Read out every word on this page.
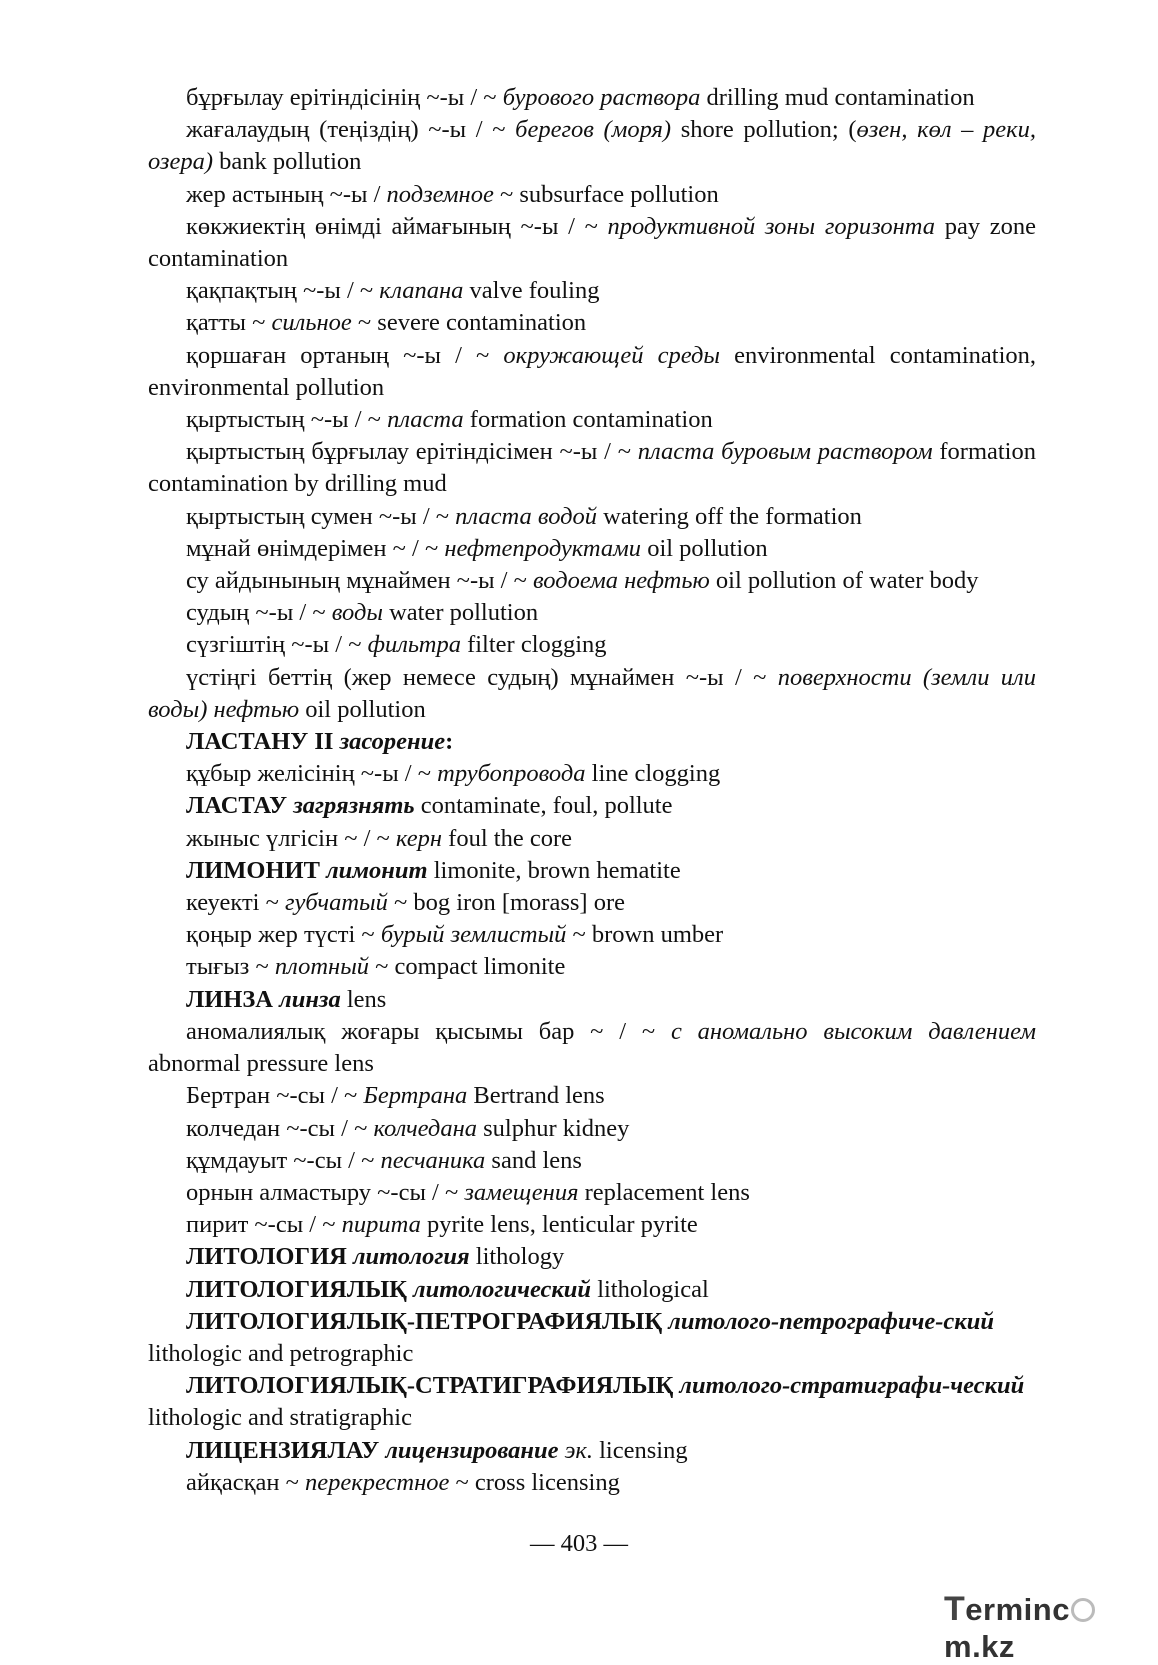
бұрғылау ерітіндісінің ~-ы / ~ бурового раствора drilling mud contamination

жағалаудың (теңіздің) ~-ы / ~ берегов (моря) shore pollution; (өзен, көл – реки, озера) bank pollution

жер астының ~-ы / подземное ~ subsurface pollution

көкжиектің өнімді аймағының ~-ы / ~ продуктивной зоны горизонта pay zone contamination

қақпақтың ~-ы / ~ клапана valve fouling

қатты ~ сильное ~ severe contamination

қоршаған ортаның ~-ы / ~ окружающей среды environmental contamination, environmental pollution

қыртыстың ~-ы / ~ пласта formation contamination

қыртыстың бұрғылау ерітіндісімен ~-ы / ~ пласта буровым раствором formation contamination by drilling mud

қыртыстың сумен ~-ы / ~ пласта водой watering off the formation

мұнай өнімдерімен ~ / ~ нефтепродуктами oil pollution

су айдынының мұнаймен ~-ы / ~ водоема нефтью oil pollution of water body

судың ~-ы / ~ воды water pollution

сүзгіштің ~-ы / ~ фильтра filter clogging

үстіңгі беттің (жер немесе судың) мұнаймен ~-ы / ~ поверхности (земли или воды) нефтью oil pollution

ЛАСТАНУ II засорение:

құбыр желісінің ~-ы / ~ трубопровода line clogging

ЛАСТАУ загрязнять contaminate, foul, pollute

жыныс үлгісін ~ / ~ керн foul the core

ЛИМОНИТ лимонит limonite, brown hematite

кеуекті ~ губчатый ~ bog iron [morass] ore

қоңыр жер түсті ~ бурый землистый ~ brown umber

тығыз ~ плотный ~ compact limonite

ЛИНЗА линза lens

аномалиялық жоғары қысымы бар ~ / ~ с аномально высоким давлением abnormal pressure lens

Бертран ~-сы / ~ Бертрана Bertrand lens

колчедан ~-сы / ~ колчедана sulphur kidney

құмдауыт ~-сы / ~ песчаника sand lens

орнын алмастыру ~-сы / ~ замещения replacement lens

пирит ~-сы / ~ пирита pyrite lens, lenticular pyrite

ЛИТОЛОГИЯ литология lithology

ЛИТОЛОГИЯЛЫҚ литологический lithological

ЛИТОЛОГИЯЛЫҚ-ПЕТРОГРАФИЯЛЫҚ литолого-петрографиче-ский lithologic and petrographic

ЛИТОЛОГИЯЛЫҚ-СТРАТИГРАФИЯЛЫҚ литолого-стратиграфи-ческий lithologic and stratigraphic

ЛИЦЕНЗИЯЛАУ лицензирование эк. licensing

айқасқан ~ перекрестное ~ cross licensing

— 403 —
Termincm.kz
